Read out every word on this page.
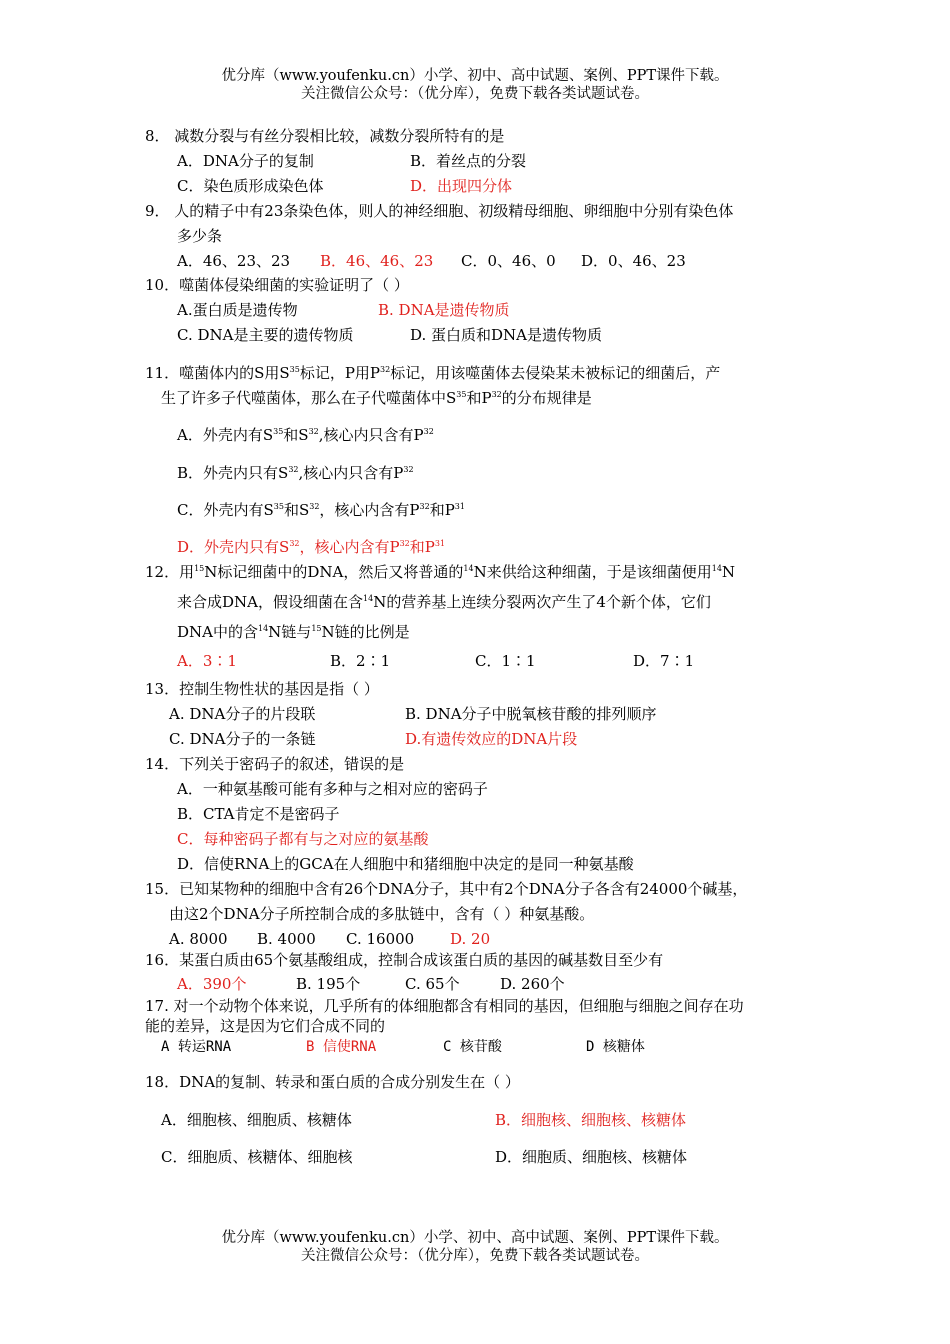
优分库（www.youfenku.cn）小学、初中、高中试题、案例、PPT课件下载。
关注微信公众号：（优分库），免费下载各类试题试卷。
8． 减数分裂与有丝分裂相比较，减数分裂所特有的是
A．DNA分子的复制	B．着丝点的分裂
C．染色质形成染色体	D．出现四分体
9． 人的精子中有23条染色体，则人的神经细胞、初级精母细胞、卵细胞中分别有染色体
多少条
A．46、23、23 B．46、46、23 C．0、46、0 D．0、46、23
10．噬菌体侵染细菌的实验证明了（ ）
A.蛋白质是遗传物	B. DNA是遗传物质
C. DNA是主要的遗传物质	D. 蛋白质和DNA是遗传物质
11．噬菌体内的S用$S^{35}$标记，P用$P^{32}$标记，用该噬菌体去侵染某未被标记的细菌后，产
生了许多子代噬菌体，那么在子代噬菌体中$S^{35}$和$P^{32}$的分布规律是
A．外壳内有$S^{35}$和$S^{32}$,核心内只含有$P^{32}$
B．外壳内只有$S^{32}$,核心内只含有$P^{32}$
C．外壳内有$S^{35}$和$S^{32}$，核心内含有$P^{32}$和$P^{31}$
D．外壳内只有$S^{32}$，核心内含有$P^{32}$和$P^{31}$
12．用$^{15}$N标记细菌中的DNA，然后又将普通的$^{14}$N来供给这种细菌，于是该细菌便用$^{14}$N
来合成DNA，假设细菌在含$^{14}$N的营养基上连续分裂两次产生了4个新个体，它们
DNA中的含$^{14}$N链与$^{15}$N链的比例是
A．3∶1	B．2∶1	C．1∶1	D．7∶1
13．控制生物性状的基因是指（ ）
A. DNA分子的片段联	B. DNA分子中脱氧核苷酸的排列顺序
C. DNA分子的一条链	D.有遗传效应的DNA片段
14．下列关于密码子的叙述，错误的是
A．一种氨基酸可能有多种与之相对应的密码子
B．CTA肯定不是密码子
C．每种密码子都有与之对应的氨基酸
D．信使RNA上的GCA在人细胞中和猪细胞中决定的是同一种氨基酸
15．已知某物种的细胞中含有26个DNA分子，其中有2个DNA分子各含有24000个碱基，
由这2个DNA分子所控制合成的多肽链中，含有（ ）种氨基酸。
A. 8000 B. 4000 C. 16000 D. 20
16．某蛋白质由65个氨基酸组成，控制合成该蛋白质的基因的碱基数目至少有
A．390个	B. 195个	C. 65个	D. 260个
17. 对一个动物个体来说，几乎所有的体细胞都含有相同的基因，但细胞与细胞之间存在功
能的差异，这是因为它们合成不同的
A 转运RNA	B 信使RNA	C 核苷酸	D 核糖体
18．DNA的复制、转录和蛋白质的合成分别发生在（ ）
A．细胞核、细胞质、核糖体	B．细胞核、细胞核、核糖体
C．细胞质、核糖体、细胞核	D．细胞质、细胞核、核糖体
优分库（www.youfenku.cn）小学、初中、高中试题、案例、PPT课件下载。
关注微信公众号：（优分库），免费下载各类试题试卷。
